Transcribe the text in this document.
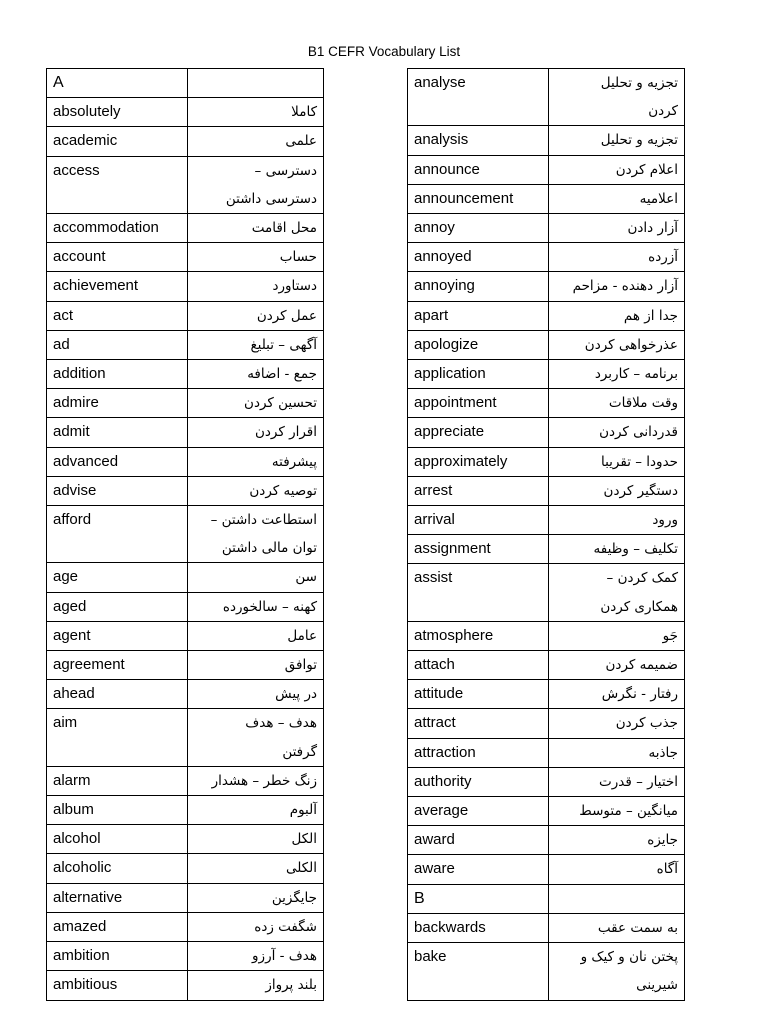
B1 CEFR Vocabulary List
A	
absolutely	کاملا

academic	علمی

access	دسترسی –
دسترسی داشتن

accommodation	محل اقامت

account	حساب

achievement	دستاورد

act	عمل کردن

ad	آگهی – تبلیغ

addition	جمع - اضافه

admire	تحسین کردن

admit	اقرار کردن

advanced	پیشرفته

advise	توصیه کردن

afford	استطاعت داشتن –
توان مالی داشتن

age	سن

aged	کهنه – سالخورده

agent	عامل

agreement	توافق

ahead	در پیش

aim	هدف – هدف
گرفتن

alarm	زنگ خطر – هشدار

album	آلبوم

alcohol	الکل

alcoholic	الکلی

alternative	جایگزین

amazed	شگفت زده

ambition	هدف - آرزو

ambitious	بلند پرواز
analyse	تجزیه و تحلیل
کردن

analysis	تجزیه و تحلیل

announce	اعلام کردن

announcement	اعلامیه

annoy	آزار دادن

annoyed	آزرده

annoying	آزار دهنده - مزاحم

apart	جدا از هم

apologize	عذرخواهی کردن

application	برنامه – کاربرد

appointment	وقت ملاقات

appreciate	قدردانی کردن

approximately	حدودا – تقریبا

arrest	دستگیر کردن

arrival	ورود

assignment	تکلیف – وظیفه

assist	کمک کردن –
همکاری کردن

atmosphere	جَو

attach	ضمیمه کردن

attitude	رفتار - نگرش

attract	جذب کردن

attraction	جاذبه

authority	اختیار – قدرت

average	میانگین – متوسط

award	جایزه

aware	آگاه

B	
backwards	به سمت عقب

bake	پختن نان و کیک و
شیرینی
